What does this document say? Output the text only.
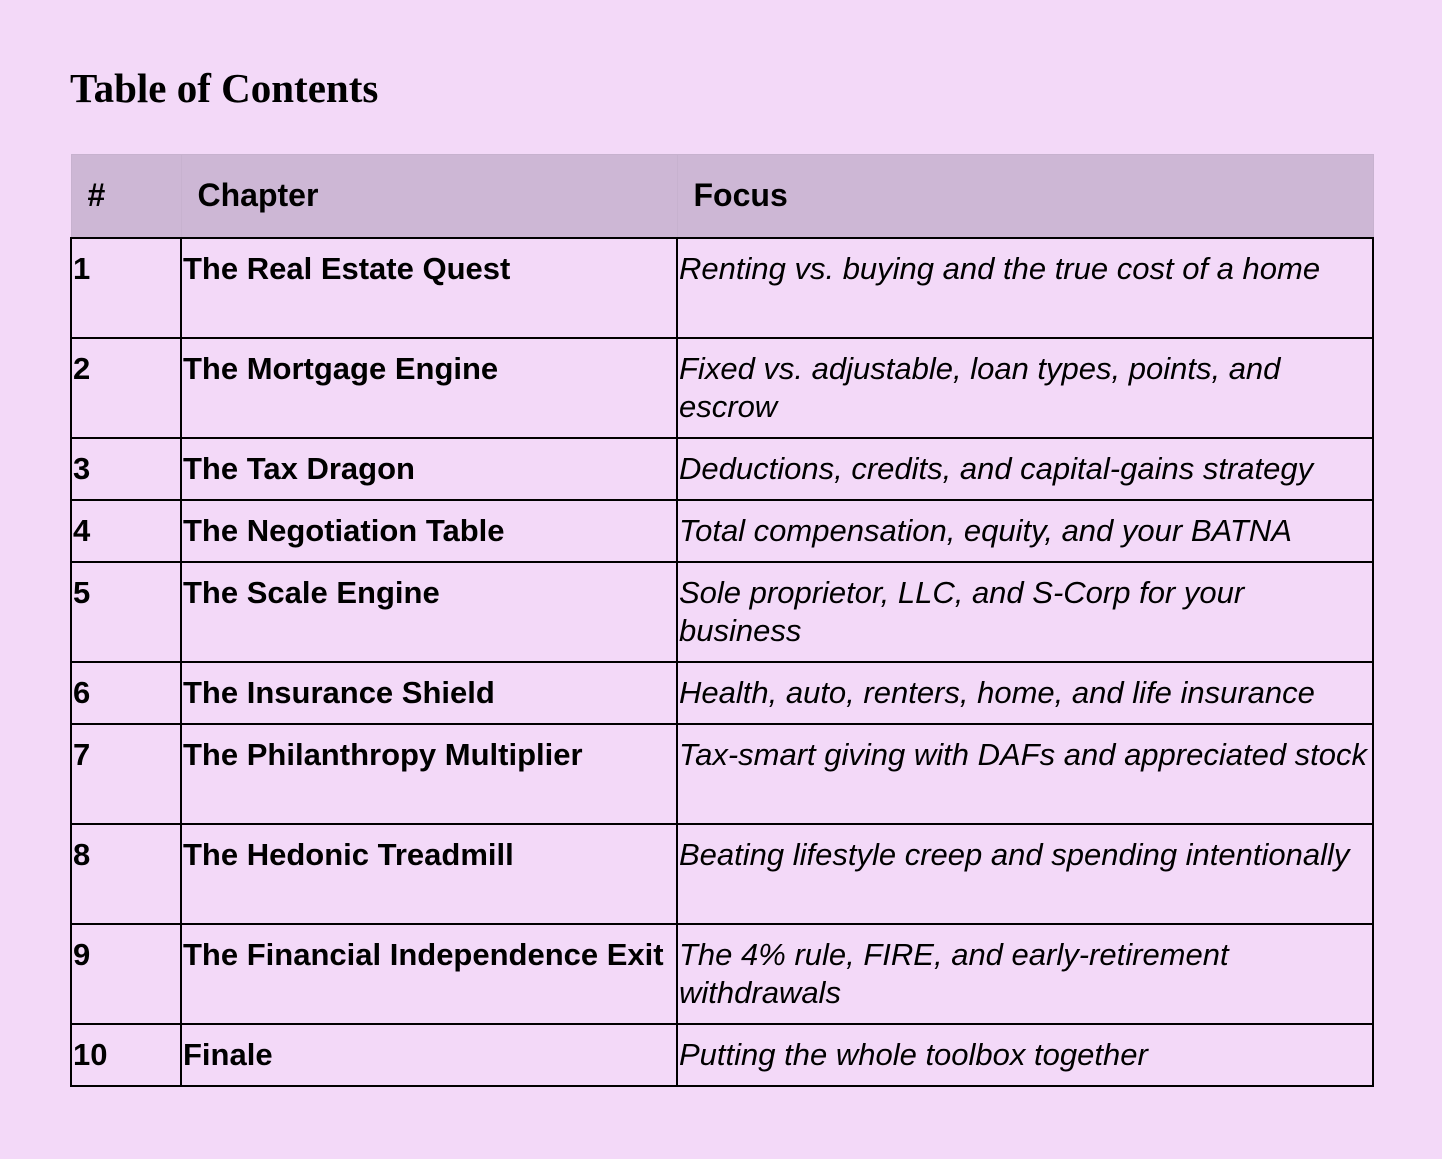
Table of Contents
#	Chapter	Focus
1	The Real Estate Quest	Renting vs. buying and the true cost of a home
2	The Mortgage Engine	Fixed vs. adjustable, loan types, points, and escrow
3	The Tax Dragon	Deductions, credits, and capital-gains strategy
4	The Negotiation Table	Total compensation, equity, and your BATNA
5	The Scale Engine	Sole proprietor, LLC, and S-Corp for your business
6	The Insurance Shield	Health, auto, renters, home, and life insurance
7	The Philanthropy Multiplier	Tax-smart giving with DAFs and appreciated stock
8	The Hedonic Treadmill	Beating lifestyle creep and spending intentionally
9	The Financial Independence Exit	The 4% rule, FIRE, and early-retirement withdrawals
10	Finale	Putting the whole toolbox together
